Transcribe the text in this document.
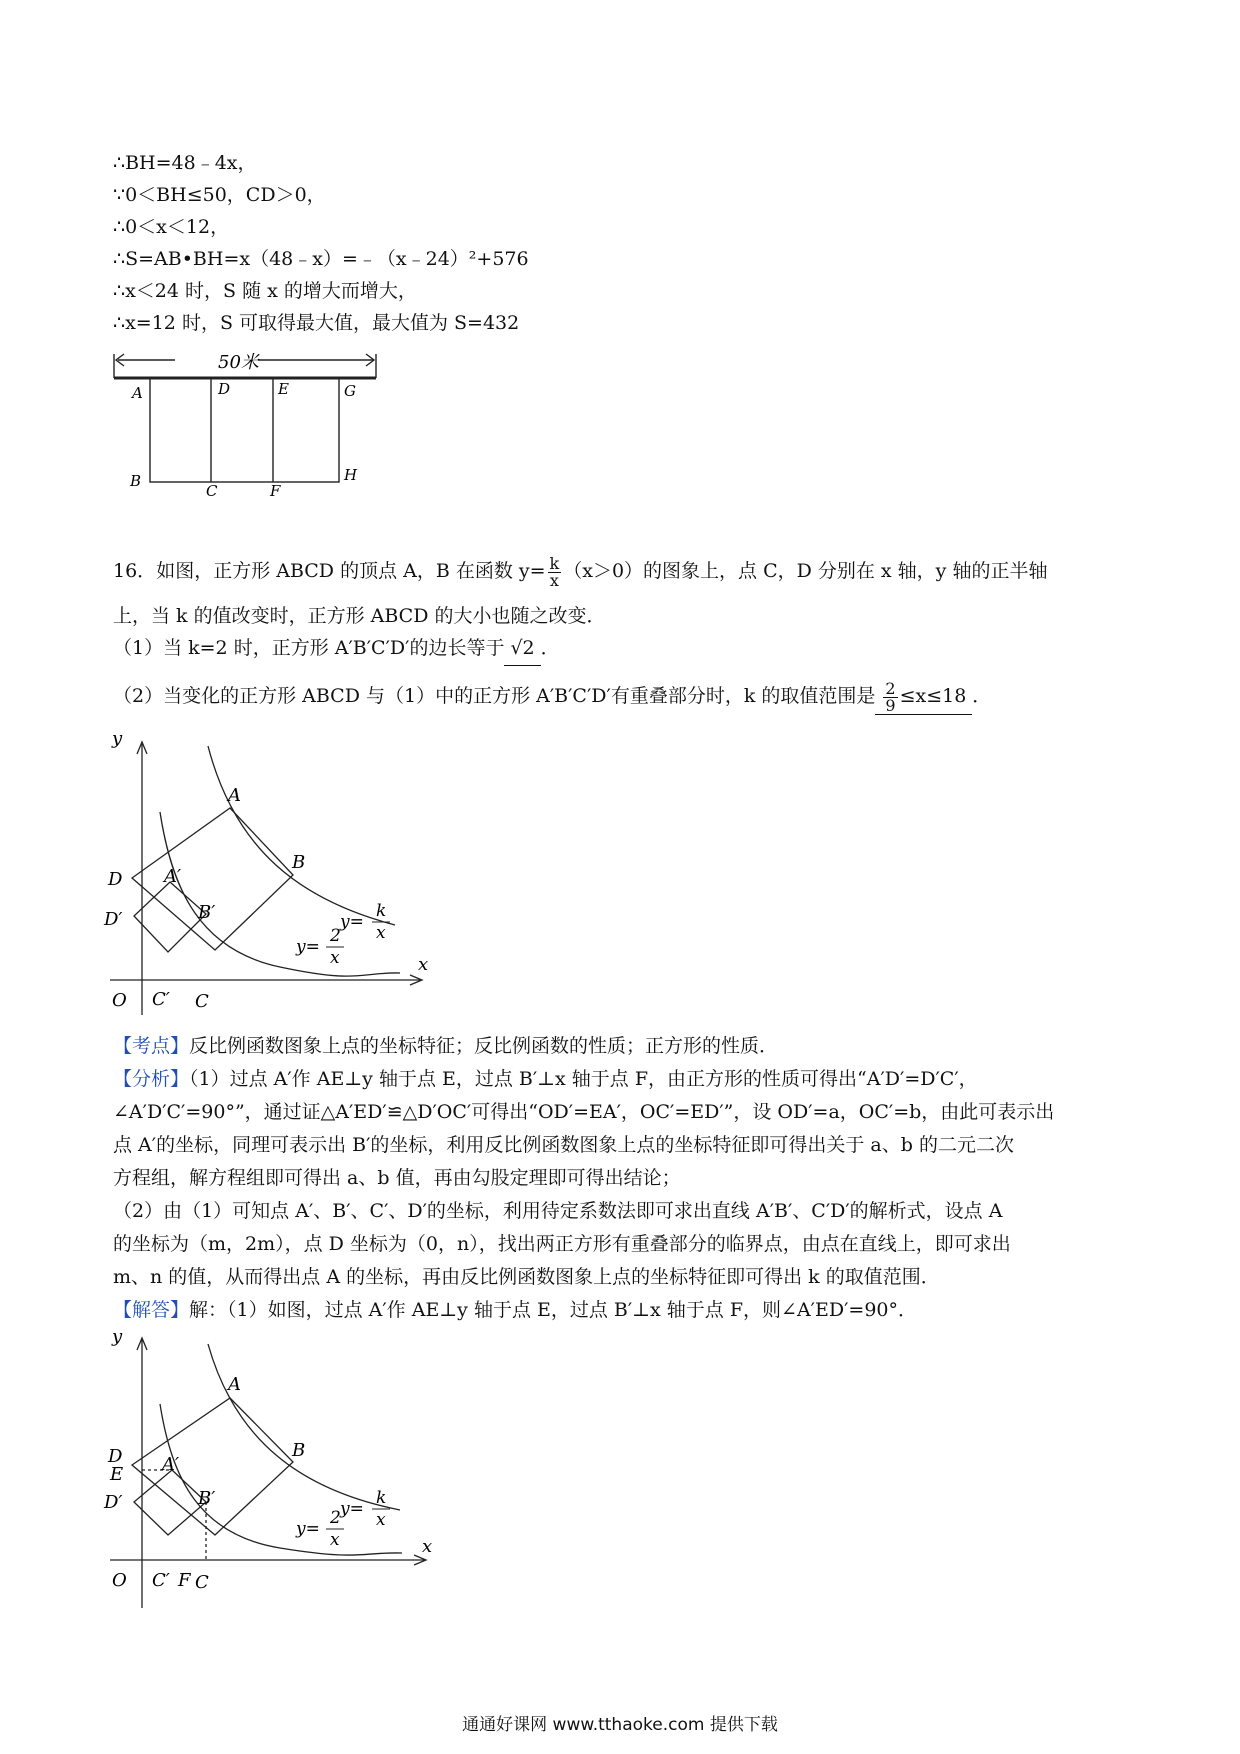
∴BH=48﹣4x，
∵0＜BH≤50，CD＞0，
∴0＜x＜12，
∴S=AB•BH=x（48﹣x）=﹣（x﹣24）²+576
∴x＜24 时，S 随 x 的增大而增大，
∴x=12 时，S 可取得最大值，最大值为 S=432
50米
A	D	E	G
B
C	F
H
16．如图，正方形 ABCD 的顶点 A，B 在函数 $y= \frac{k}{x} (x>0)$的图象上，点 C，D 分别在 x 轴，y 轴的正半轴
上，当 k 的值改变时，正方形 ABCD 的大小也随之改变．
（1）当 k=2 时，正方形 A′B′C′D′的边长等于 √2 ．
（2）当变化的正方形 ABCD 与（1）中的正方形 A′B′C′D′有重叠部分时，k 的取值范围是 $\frac{2}{9} \le x\le 18$ ．
y
x
O
A
B
D A′
D′	B′
C′ C
y=
k
x
y=
2
x
【考点】反比例函数图象上点的坐标特征；反比例函数的性质；正方形的性质．
【分析】（1）过点 A′作 AE⊥y 轴于点 E，过点 B′⊥x 轴于点 F，由正方形的性质可得出“A′D′=D′C′，
∠A′D′C′=90°”，通过证△A′ED′≌△D′OC′可得出“OD′=EA′，OC′=ED′”，设 OD′=a，OC′=b，由此可表示出
点 A′的坐标，同理可表示出 B′的坐标，利用反比例函数图象上点的坐标特征即可得出关于 a、b 的二元二次
方程组，解方程组即可得出 a、b 值，再由勾股定理即可得出结论；
（2）由（1）可知点 A′、B′、C′、D′的坐标，利用待定系数法即可求出直线 A′B′、C′D′的解析式，设点 A
的坐标为（m，2m），点 D 坐标为（0，n），找出两正方形有重叠部分的临界点，由点在直线上，即可求出
m、n 的值，从而得出点 A 的坐标，再由反比例函数图象上点的坐标特征即可得出 k 的取值范围．
【解答】解：（1）如图，过点 A′作 AE⊥y 轴于点 E，过点 B′⊥x 轴于点 F，则∠A′ED′=90°．
y
x
O
A
B
D
E A′
D′	B′
C′ F C
y=
k
x
y=
2
x
通通好课网 www.tthaoke.com 提供下载
